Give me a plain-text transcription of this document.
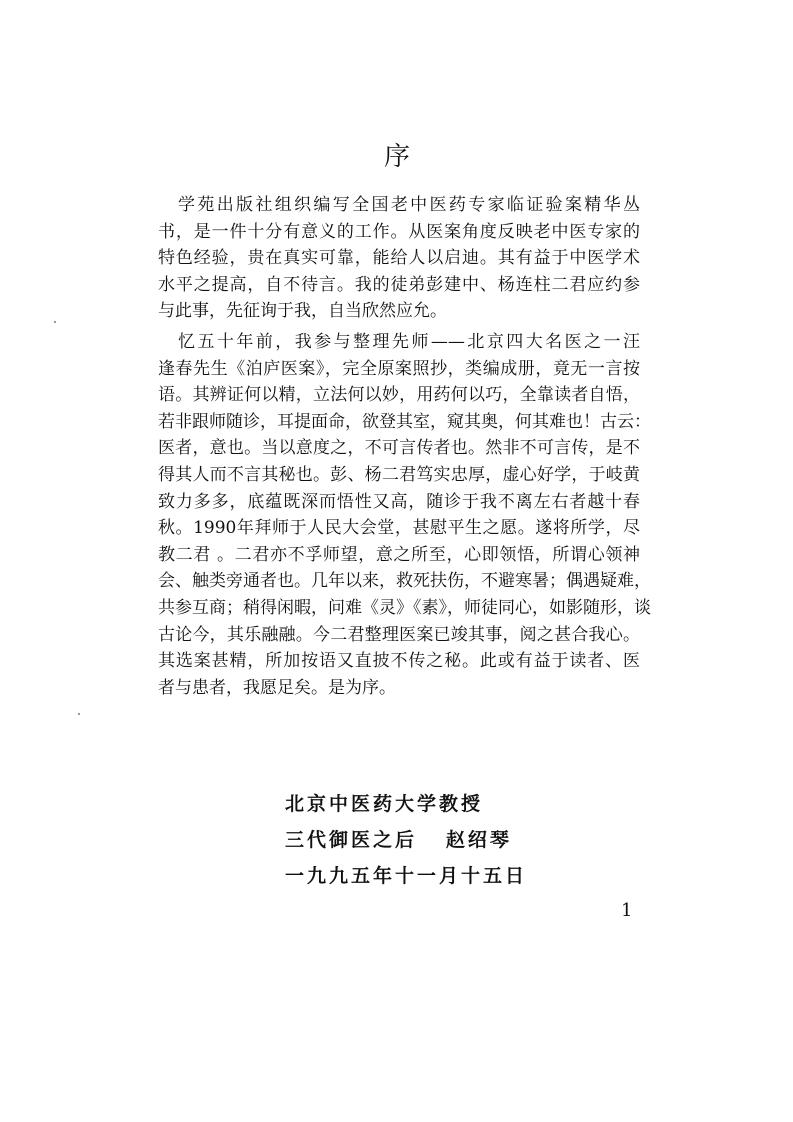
序
学苑出版社组织编写全国老中医药专家临证验案精华丛
书，是一件十分有意义的工作。从医案角度反映老中医专家的
特色经验，贵在真实可靠，能给人以启迪。其有益于中医学术
水平之提高，自不待言。我的徒弟彭建中、杨连柱二君应约参
与此事，先征询于我，自当欣然应允。
忆五十年前，我参与整理先师——北京四大名医之一汪
逢春先生《泊庐医案》，完全原案照抄，类编成册，竟无一言按
语。其辨证何以精，立法何以妙，用药何以巧，全靠读者自悟，
若非跟师随诊，耳提面命，欲登其室，窥其奥，何其难也！古云：
医者，意也。当以意度之，不可言传者也。然非不可言传，是不
得其人而不言其秘也。彭、杨二君笃实忠厚，虚心好学，于岐黄
致力多多，底蕴既深而悟性又高，随诊于我不离左右者越十春
秋。1990年拜师于人民大会堂，甚慰平生之愿。遂将所学，尽
教二君 。二君亦不孚师望，意之所至，心即领悟，所谓心领神
会、触类旁通者也。几年以来，救死扶伤，不避寒暑；偶遇疑难，
共参互商；稍得闲暇，问难《灵》《素》，师徒同心，如影随形，谈
古论今，其乐融融。今二君整理医案已竣其事，阅之甚合我心。
其选案甚精，所加按语又直披不传之秘。此或有益于读者、医
者与患者，我愿足矣。是为序。
北京中医药大学教授
三代御医之后   赵绍琴
一九九五年十一月十五日
1
